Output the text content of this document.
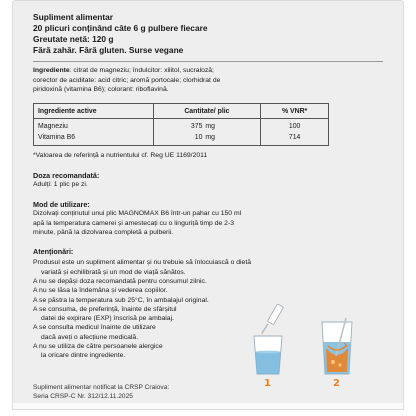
Supliment alimentar
20 plicuri conținând câte 6 g pulbere fiecare
Greutate netă: 120 g
Fără zahăr. Fără gluten. Surse vegane
Ingrediente: citrat de magneziu; îndulcitor: xilitol, sucraloză;
corector de aciditate: acid citric; aromă portocale; clorhidrat de
piridoxină (vitamina B6); colorant: riboflavină.
Ingrediente active	Cantitate/ plic	% VNR*
Magneziu	375 mg	100
Vitamina B6	10 mg	714
*Valoarea de referință a nutrientului cf. Reg UE 1169/2011
Doza recomandată:
Adulți: 1 plic pe zi.
Mod de utilizare:
Dizolvați conținutul unui plic MAGNOMAX B6 într-un pahar cu 150 ml
apă la temperatura camerei și amestecați cu o linguriță timp de 2-3
minute, până la dizolvarea completă a pulberii.
Atenționări:
Produsul este un supliment alimentar și nu trebuie să înlocuiască o dietă
variată și echilibrată și un mod de viață sănătos.
A nu se depăși doza recomandată pentru consumul zilnic.
A nu se lăsa la îndemâna și vederea copiilor.
A se păstra la temperatura sub 25°C, în ambalajul original.
A se consuma, de preferință, înainte de sfârșitul
datei de expirare (EXP) înscrisă pe ambalaj.
A se consulta medicul înainte de utilizare
dacă aveți o afecțiune medicală.
A nu se utiliza de către persoanele alergice
la oricare dintre ingrediente.
1	2
Supliment alimentar notificat la CRSP Craiova:
Seria CRSP-C Nr. 312/12.11.2025
